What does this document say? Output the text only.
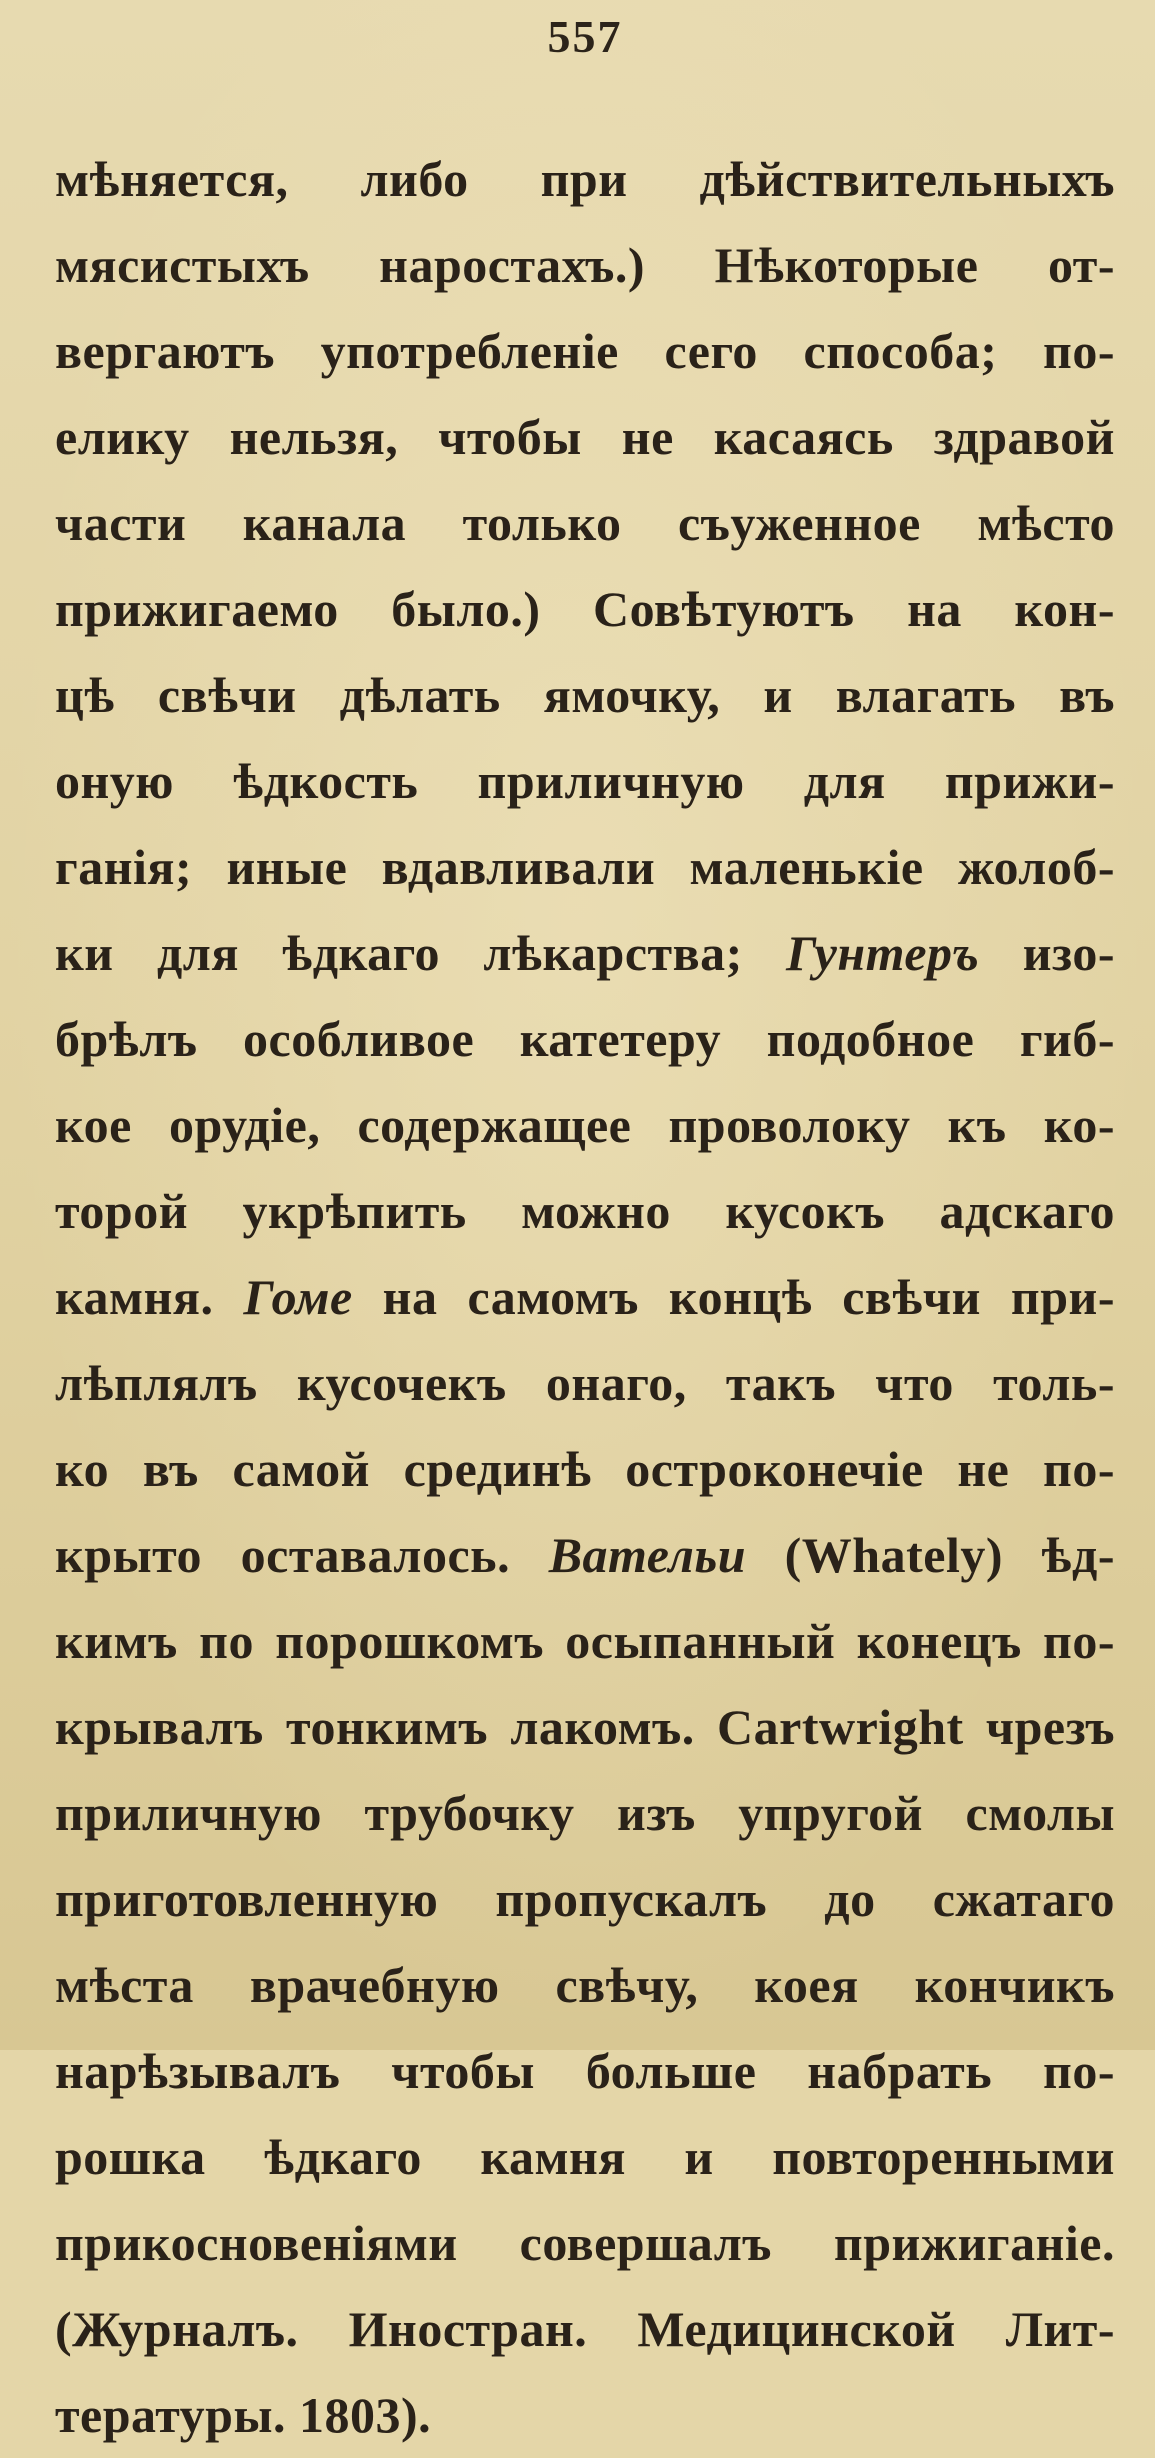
557
мѣняется, либо при дѣйствительныхъ
мясистыхъ наростахъ.) Нѣкоторые от-
вергаютъ употребленіе сего способа; по-
елику нельзя, чтобы не касаясь здравой
части канала только съуженное мѣсто
прижигаемо было.) Совѣтуютъ на кон-
цѣ свѣчи дѣлать ямочку, и влагать въ
оную ѣдкость приличную для прижи-
ганія; иные вдавливали маленькіе жолоб-
ки для ѣдкаго лѣкарства; Гунтеръ изо-
брѣлъ особливое катетеру подобное гиб-
кое орудіе, содержащее проволоку къ ко-
торой укрѣпить можно кусокъ адскаго
камня. Гоме на самомъ концѣ свѣчи при-
лѣплялъ кусочекъ онаго, такъ что толь-
ко въ самой срединѣ остроконечіе не по-
крыто оставалось. Вательи (Whately) ѣд-
кимъ по порошкомъ осыпанный конецъ по-
крывалъ тонкимъ лакомъ. Cartwright чрезъ
приличную трубочку изъ упругой смолы
приготовленную пропускалъ до сжатаго
мѣста врачебную свѣчу, коея кончикъ
нарѣзывалъ чтобы больше набрать по-
рошка ѣдкаго камня и повторенными
прикосновеніями совершалъ прижиганіе.
(Журналъ. Иностран. Медицинской Лит-
тературы. 1803).
